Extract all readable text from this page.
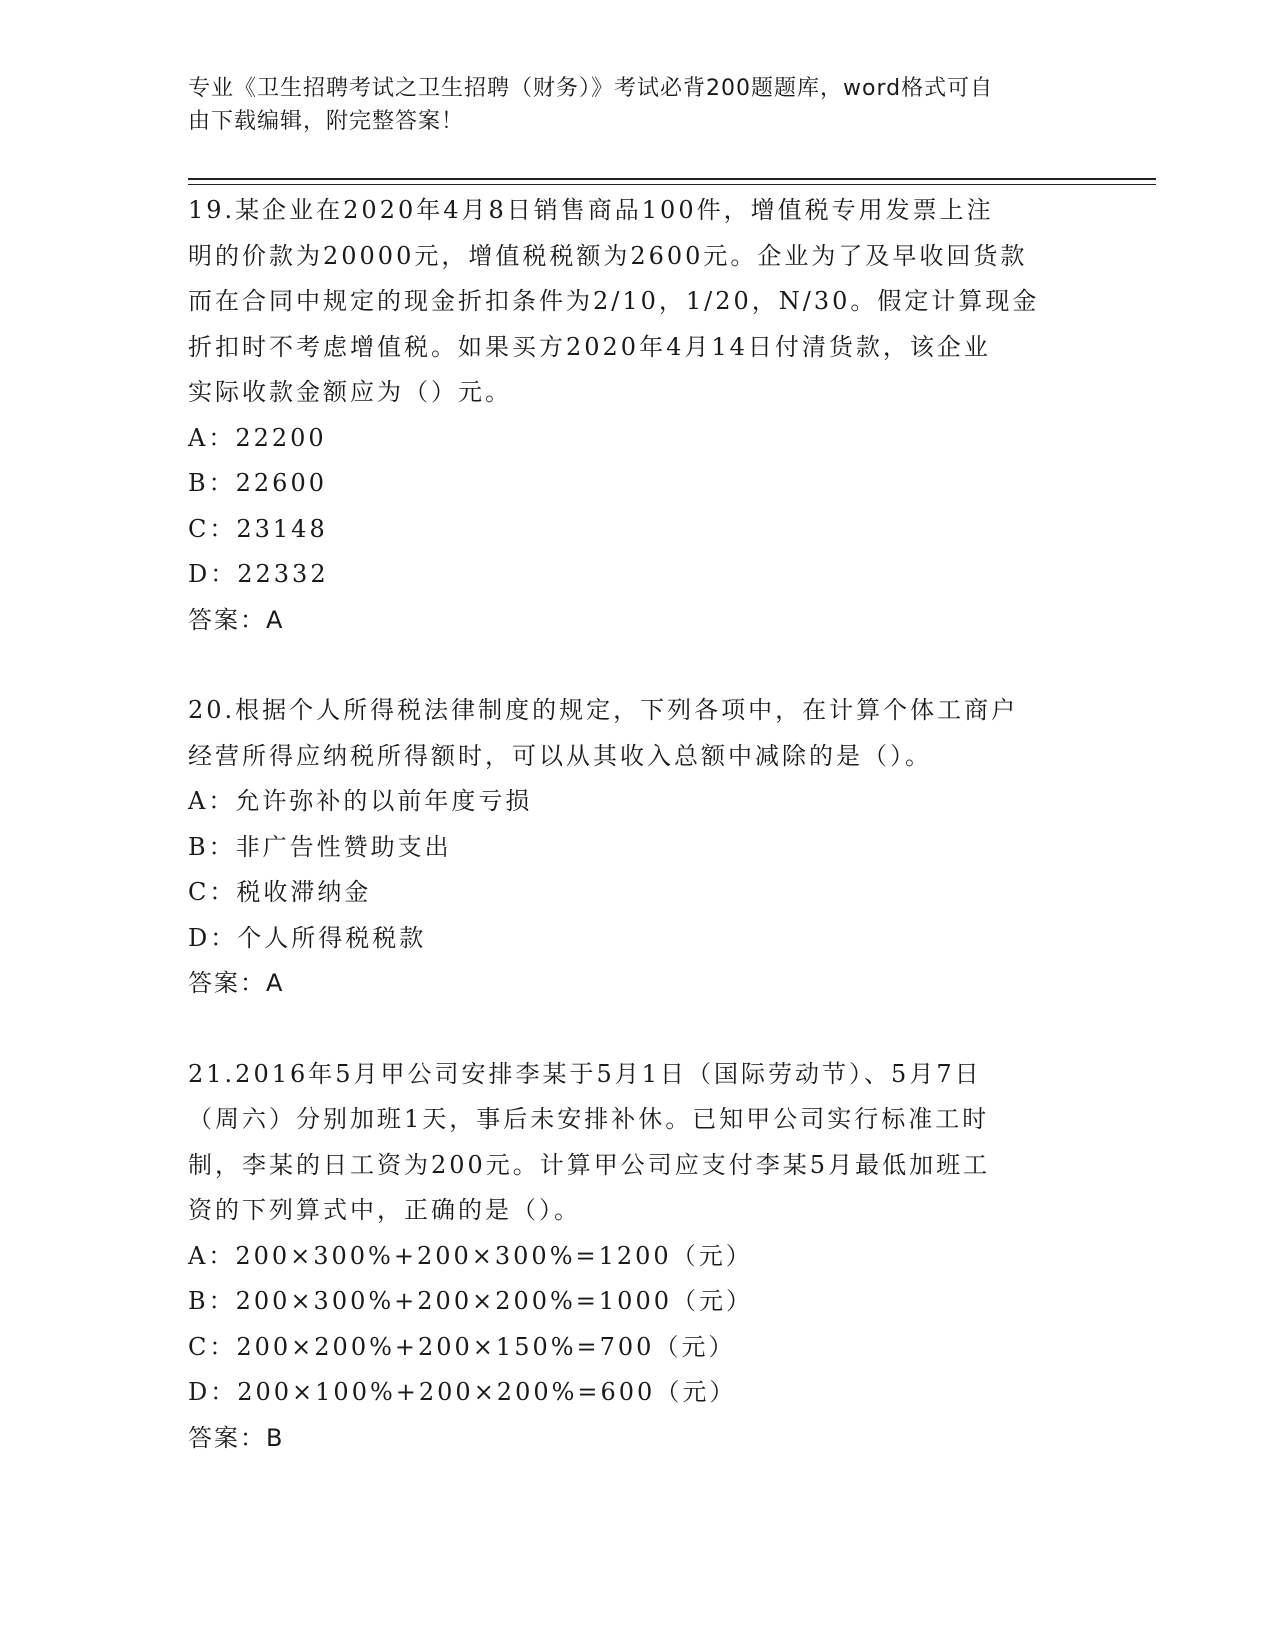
专业《卫生招聘考试之卫生招聘（财务）》考试必背200题题库，word格式可自
由下载编辑，附完整答案！

19.某企业在2020年4月8日销售商品100件，增值税专用发票上注

明的价款为20000元，增值税税额为2600元。企业为了及早收回货款

而在合同中规定的现金折扣条件为2/10，1/20，N/30。假定计算现金

折扣时不考虑增值税。如果买方2020年4月14日付清货款，该企业

实际收款金额应为（）元。

A：22200

B：22600

C：23148

D：22332

答案：A

20.根据个人所得税法律制度的规定，下列各项中，在计算个体工商户

经营所得应纳税所得额时，可以从其收入总额中减除的是（）。

A：允许弥补的以前年度亏损

B：非广告性赞助支出

C：税收滞纳金

D：个人所得税税款

答案：A

21.2016年5月甲公司安排李某于5月1日（国际劳动节）、5月7日

（周六）分别加班1天，事后未安排补休。已知甲公司实行标准工时

制，李某的日工资为200元。计算甲公司应支付李某5月最低加班工

资的下列算式中，正确的是（）。

A：200×300%+200×300%=1200（元）

B：200×300%+200×200%=1000（元）

C：200×200%+200×150%=700（元）

D：200×100%+200×200%=600（元）

答案：B
